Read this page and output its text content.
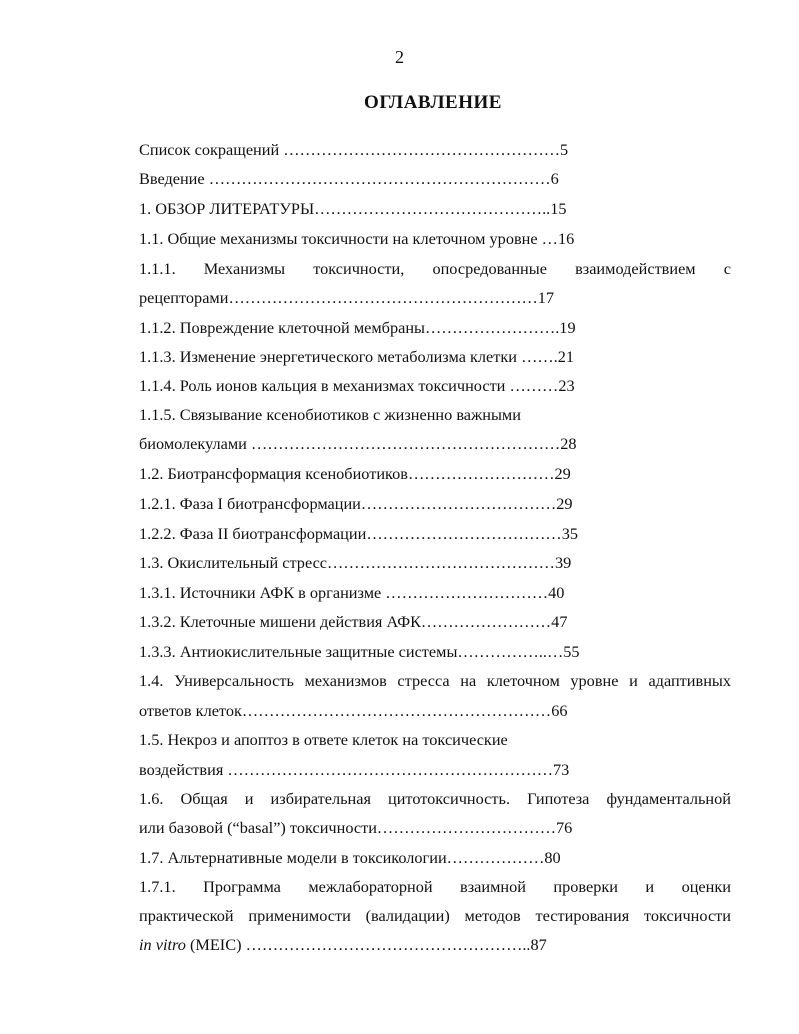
2
ОГЛАВЛЕНИЕ
Список сокращений ……………………………………………5
Введение ………………………………………………………6
1. ОБЗОР ЛИТЕРАТУРЫ……………………………………..15
1.1. Общие механизмы токсичности на клеточном уровне …16
1.1.1. Механизмы токсичности, опосредованные взаимодействием с
рецепторами…………………………………………………17
1.1.2. Повреждение клеточной мембраны…………………….19
1.1.3. Изменение энергетического метаболизма клетки …….21
1.1.4. Роль ионов кальция в механизмах токсичности ………23
1.1.5. Связывание ксенобиотиков с жизненно важными
биомолекулами …………………………………………………28
1.2. Биотрансформация ксенобиотиков………………………29
1.2.1. Фаза I биотрансформации………………………………29
1.2.2. Фаза II биотрансформации………………………………35
1.3. Окислительный стресс……………………………………39
1.3.1. Источники АФК в организме …………………………40
1.3.2. Клеточные мишени действия АФК……………………47
1.3.3. Антиокислительные защитные системы……………..…55
1.4. Универсальность механизмов стресса на клеточном уровне и адаптивных
ответов клеток…………………………………………………66
1.5. Некроз и апоптоз в ответе клеток на токсические
воздействия ……………………………………………………73
1.6. Общая и избирательная цитотоксичность. Гипотеза фундаментальной
или базовой (“basal”) токсичности……………………………76
1.7. Альтернативные модели в токсикологии………………80
1.7.1. Программа межлабораторной взаимной проверки и оценки
практической применимости (валидации) методов тестирования токсичности
in vitro (MEIC) ……………………………………………..87
